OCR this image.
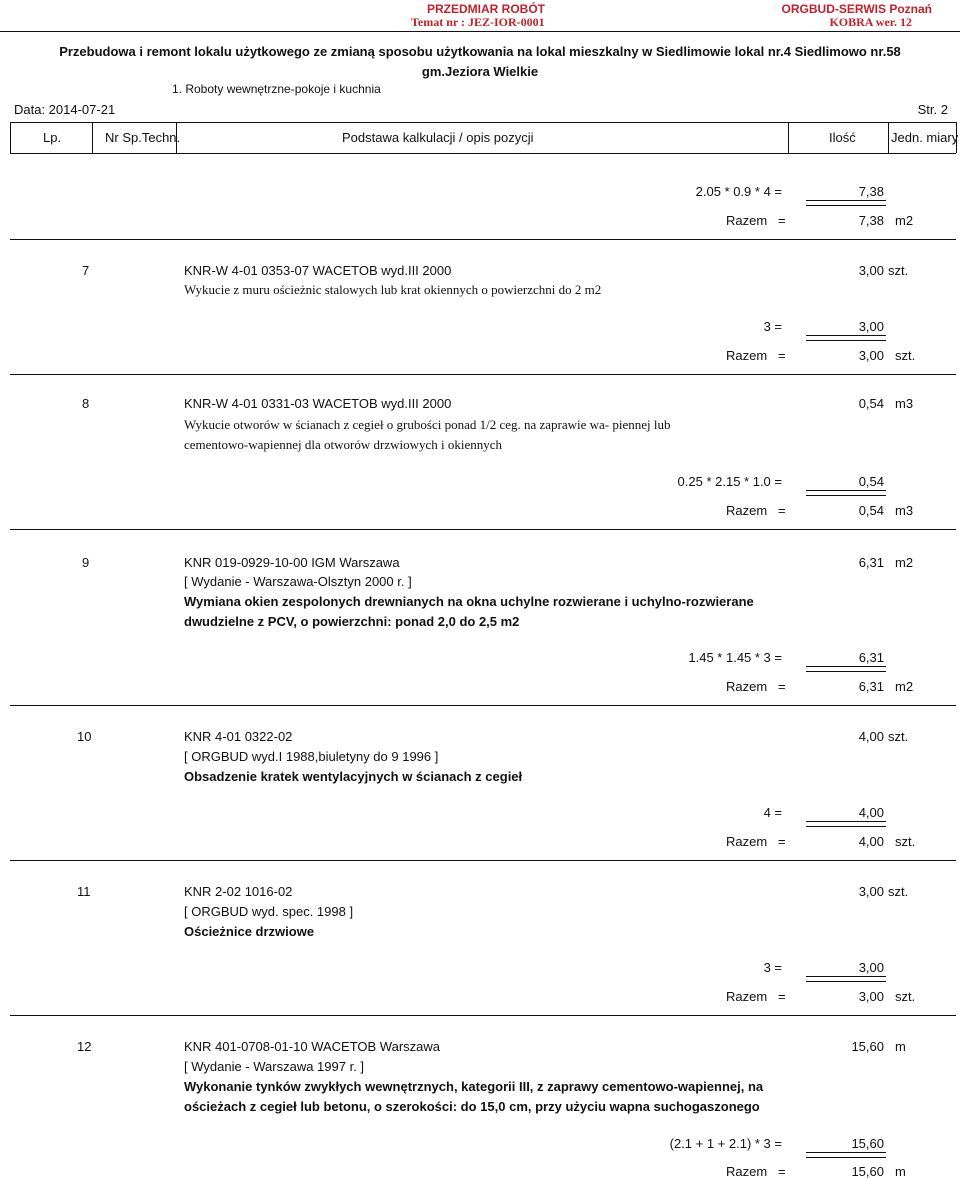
PRZEDMIAR ROBÓT
Temat nr : JEZ-IOR-0001
ORGBUD-SERWIS Poznań
KOBRA wer. 12
Przebudowa i remont lokalu użytkowego ze zmianą sposobu użytkowania na lokal mieszkalny w Siedlimowie lokal nr.4 Siedlimowo nr.58
gm.Jeziora Wielkie
1. Roboty wewnętrzne-pokoje i kuchnia
Data: 2014-07-21	Str. 2
Lp.	Nr Sp.Techn.	Podstawa kalkulacji / opis pozycji	Ilość	Jedn. miary
2.05 * 0.9 * 4 =	7,38
Razem =	7,38 m2
7	KNR-W 4-01 0353-07 WACETOB wyd.III 2000	3,00 szt.
Wykucie z muru ościeżnic stalowych lub krat okiennych o powierzchni do 2 m2
3 =	3,00
Razem =	3,00 szt.
8	KNR-W 4-01 0331-03 WACETOB wyd.III 2000	0,54 m3
Wykucie otworów w ścianach z cegieł o grubości ponad 1/2 ceg. na zaprawie wa- piennej lub
cementowo-wapiennej dla otworów drzwiowych i okiennych
0.25 * 2.15 * 1.0 =	0,54
Razem =	0,54 m3
9	KNR 019-0929-10-00 IGM Warszawa	6,31 m2
[ Wydanie - Warszawa-Olsztyn 2000 r. ]
Wymiana okien zespolonych drewnianych na okna uchylne rozwierane i uchylno-rozwierane
dwudzielne z PCV, o powierzchni: ponad 2,0 do 2,5 m2
1.45 * 1.45 * 3 =	6,31
Razem =	6,31 m2
10	KNR 4-01 0322-02	4,00 szt.
[ ORGBUD wyd.I 1988,biuletyny do 9 1996 ]
Obsadzenie kratek wentylacyjnych w ścianach z cegieł
4 =	4,00
Razem =	4,00 szt.
11	KNR 2-02 1016-02	3,00 szt.
[ ORGBUD wyd. spec. 1998 ]
Ościeżnice drzwiowe
3 =	3,00
Razem =	3,00 szt.
12	KNR 401-0708-01-10 WACETOB Warszawa	15,60 m
[ Wydanie - Warszawa 1997 r. ]
Wykonanie tynków zwykłych wewnętrznych, kategorii III, z zaprawy cementowo-wapiennej, na
ościeżach z cegieł lub betonu, o szerokości: do 15,0 cm, przy użyciu wapna suchogaszonego
(2.1 + 1 + 2.1) * 3 =	15,60
Razem =	15,60 m
